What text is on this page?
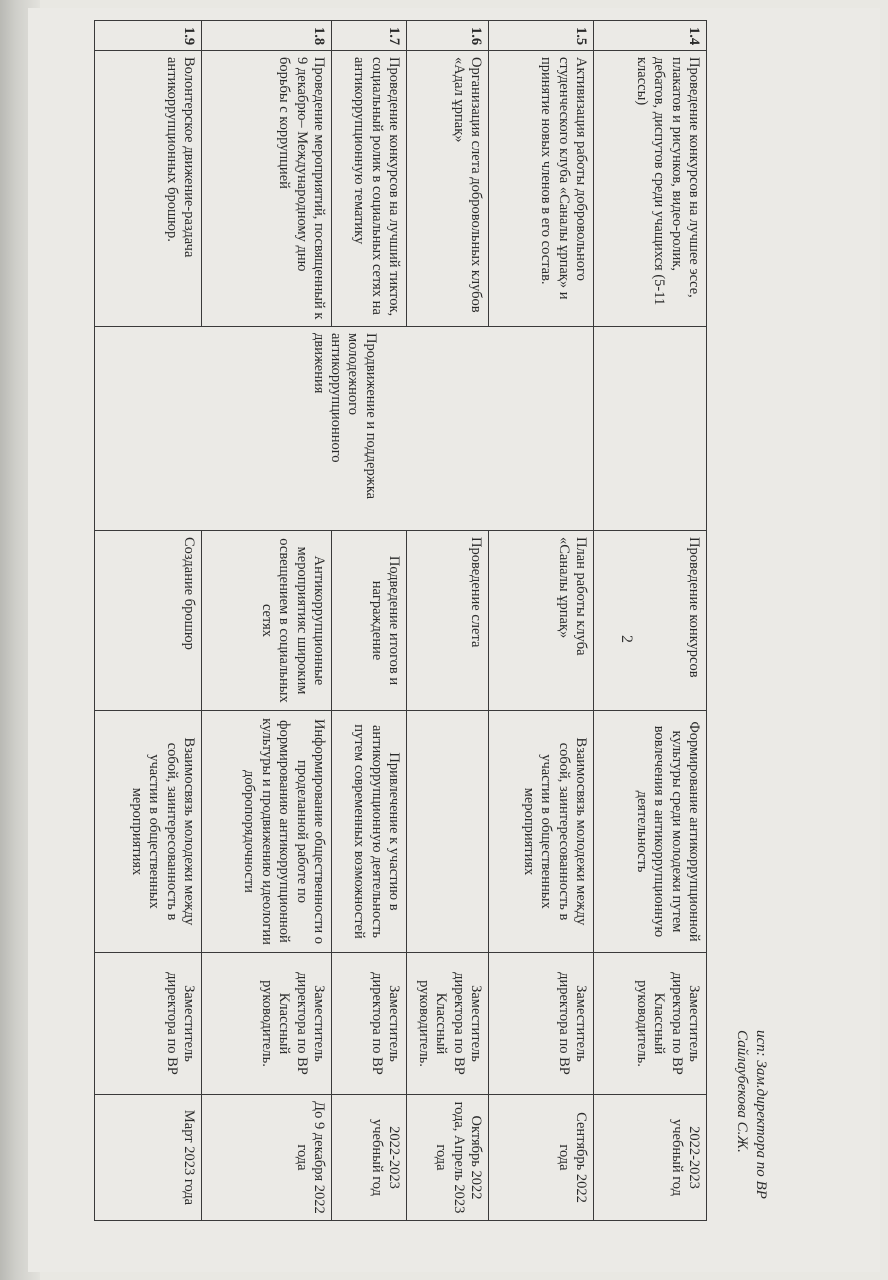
2
1.4	Проведение конкурсов на лучшее эссе, плакатов и рисунков, видео-ролик, дебатов, диспутов среди учащихся (5-11 классы)		Проведение конкурсов	Формирование антикоррупционной культуры среди молодежи путем вовлечения в антикоррупционную деятельность	Заместитель директора по ВР Классный руководитель.	2022-2023 учебный год
1.5	Активизация работы добровольного студенческого клуба «Саналы ұрпақ» и принятие новых членов в его состав.	Продвижение и поддержка молодежного антикоррупционного движения	План работы клуба «Саналы ұрпақ»	Взаимосвязь молодежи между собой, заинтересованность в участии в общественных мероприятиях	Заместитель директора по ВР	Сентябрь 2022 года
1.6	Организация слета добровольных клубов «Адал ұрпақ»		Проведение слета		Заместитель директора по ВР Классный руководитель.	Октябрь 2022 года, Апрель 2023 года
1.7	Проведение конкурсов на лучший тикток, социальный ролик в социальных сетях на антикоррупционную тематику		Подведение итогов и награждение	Привлечение к участию в антикоррупционную деятельность путем современных возможностей	Заместитель директора по ВР	2022-2023 учебный год
1.8	Проведение мероприятий, посвященный к 9 декабрю– Международному дню борьбы с коррупцией		Антикоррупционные мероприятияс широким освещением в социальных сетях	Информирование общественности о проделанной работе по формированию антикоррупционной культуры и продвижению идеологии добропорядочности	Заместитель директора по ВР Классный руководитель.	До 9 декабря 2022 года
1.9	Волонтерское движение-раздача антикоррупционных брошюр.		Создание брошюр	Взаимосвязь молодежи между собой, заинтересованность в участии в общественных мероприятиях	Заместитель директора по ВР	Март 2023 года	исп: Зам.директора по ВР
Сайлаубекова С.Ж.
